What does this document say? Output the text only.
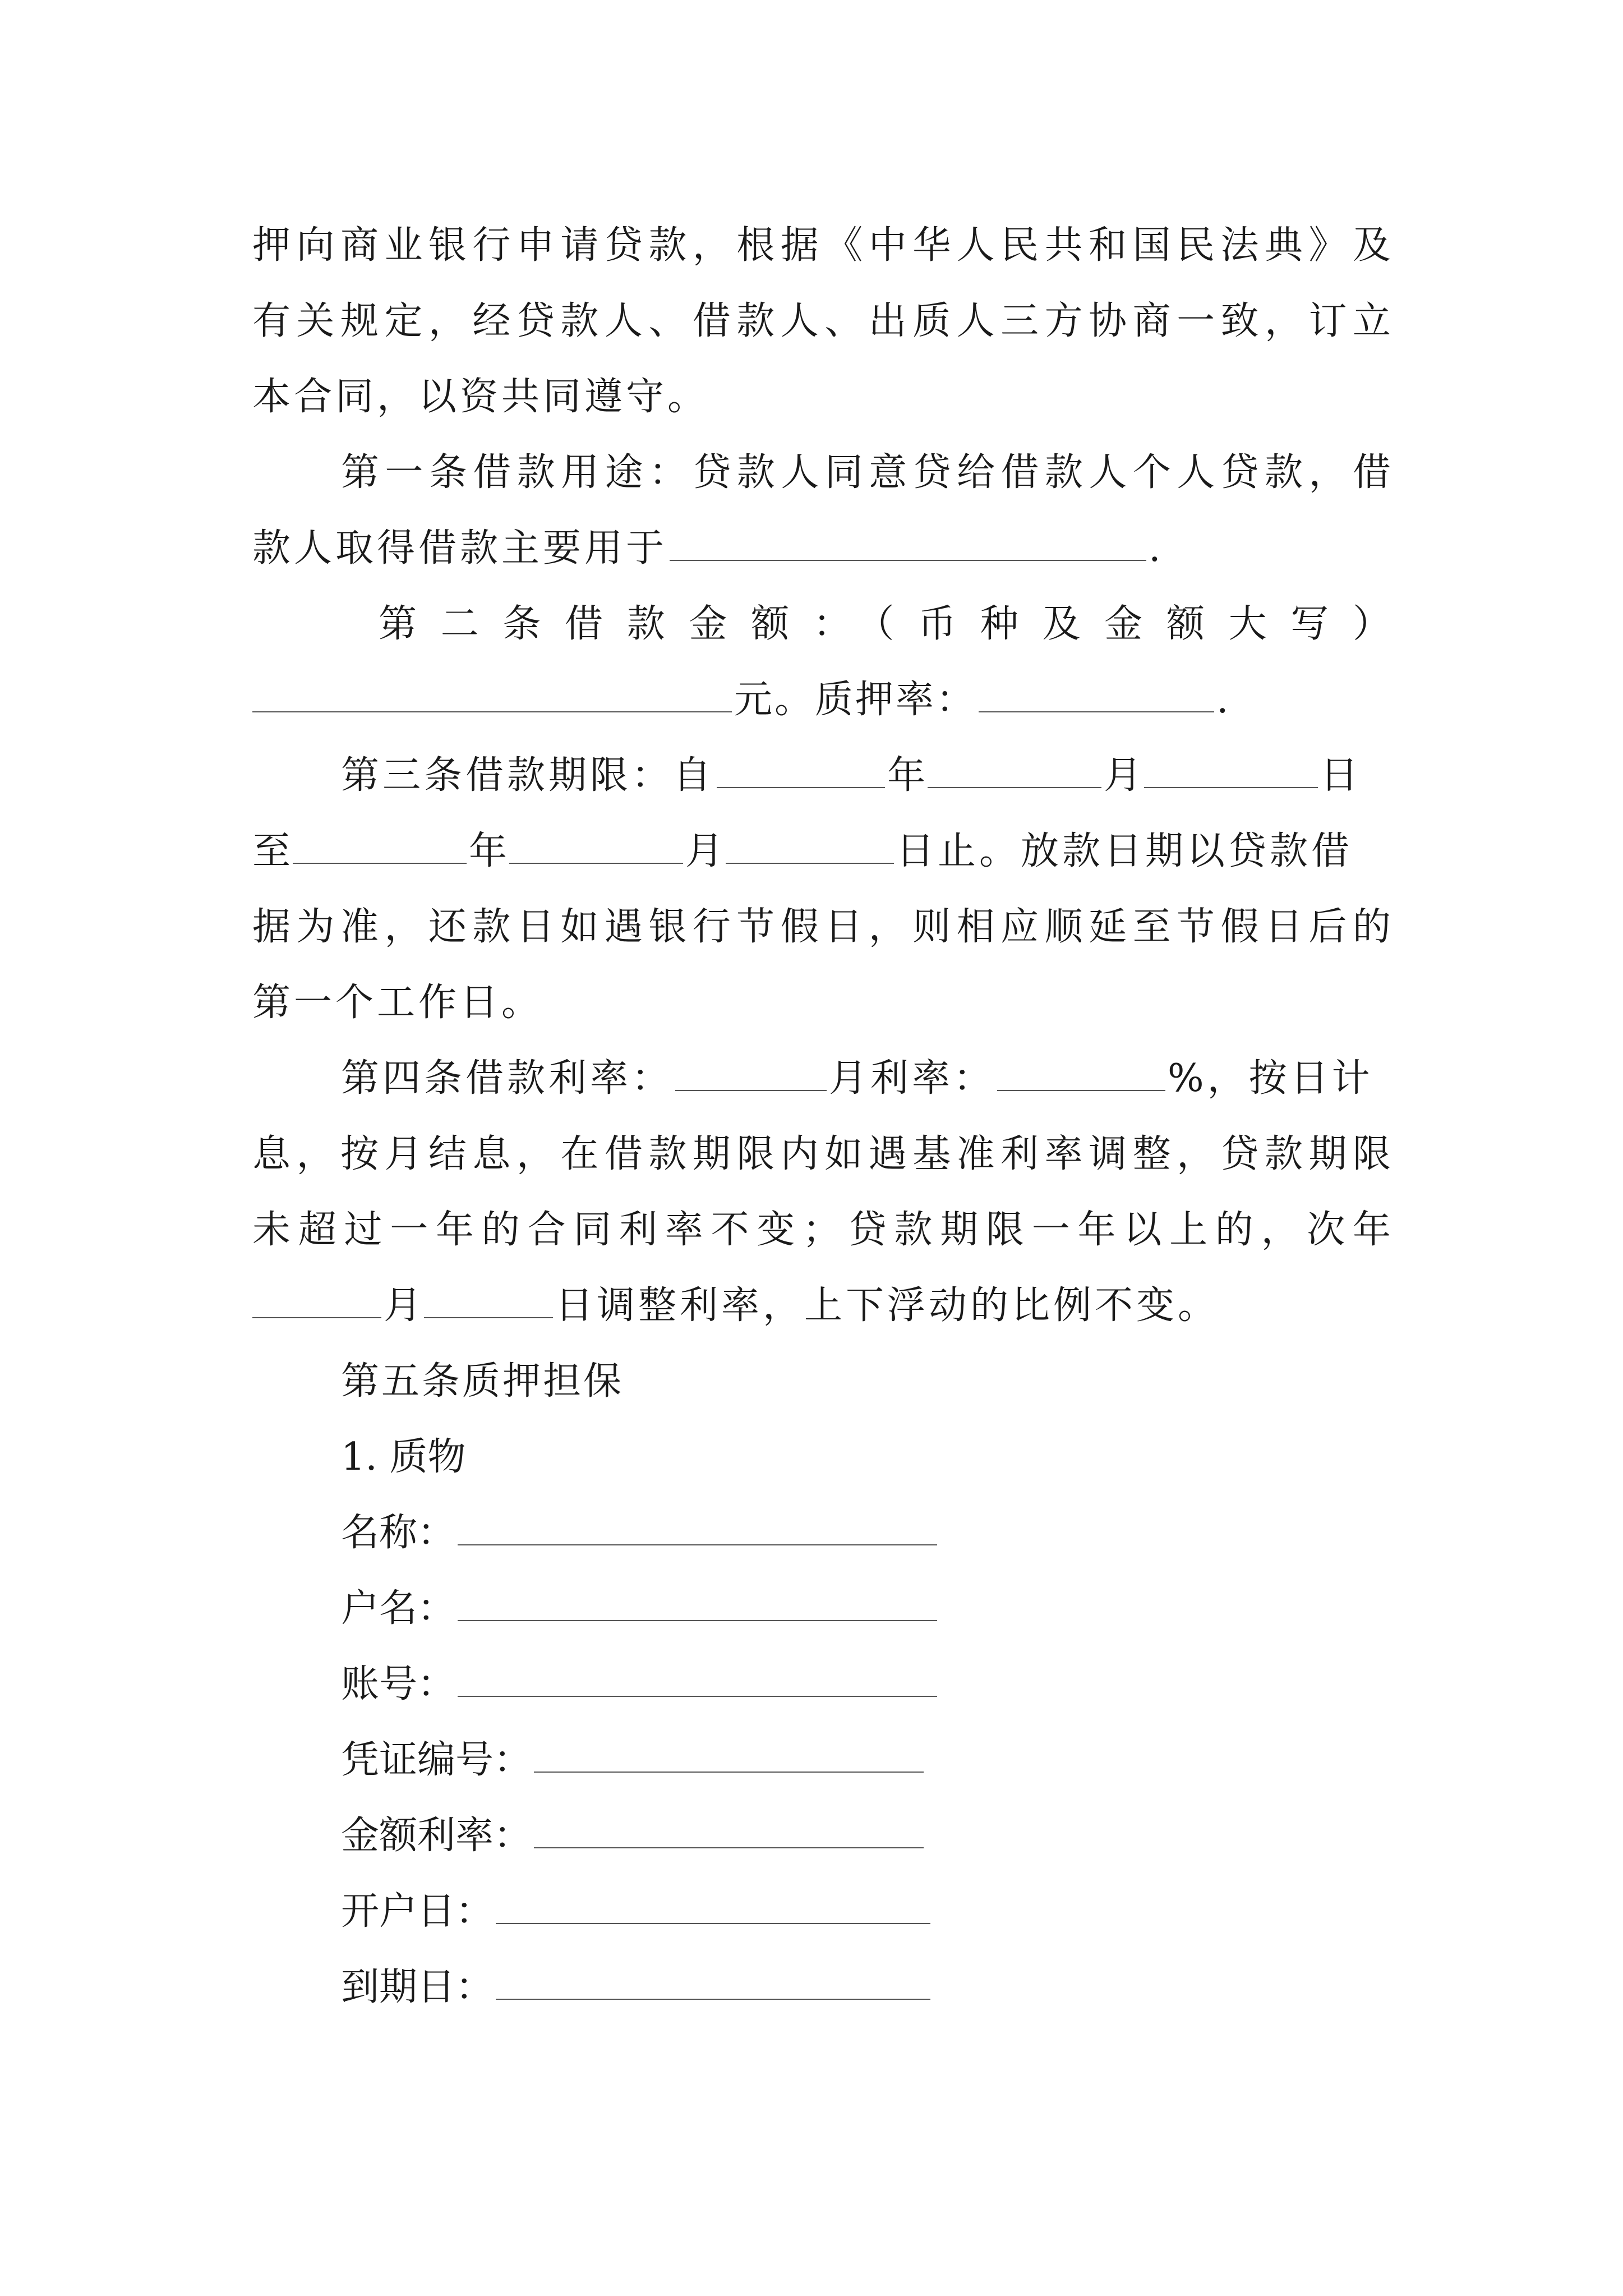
押向商业银行申请贷款，根据《中华人民共和国民法典》及
有关规定，经贷款人、借款人、出质人三方协商一致，订立
本合同，以资共同遵守。
第一条借款用途：贷款人同意贷给借款人个人贷款，借
款人取得借款主要用于	.
第二条借款金额：（币种及金额大写）
元。质押率：	.
第三条借款期限：自	年	月	日
至	年	月	日止。放款日期以贷款借
据为准，还款日如遇银行节假日，则相应顺延至节假日后的
第一个工作日。
第四条借款利率：	月利率：	%，按日计
息，按月结息，在借款期限内如遇基准利率调整，贷款期限
未超过一年的合同利率不变；贷款期限一年以上的，次年
月	日调整利率，上下浮动的比例不变。
第五条质押担保
1. 质物
名称：
户名：
账号：
凭证编号：
金额利率：
开户日：
到期日：
